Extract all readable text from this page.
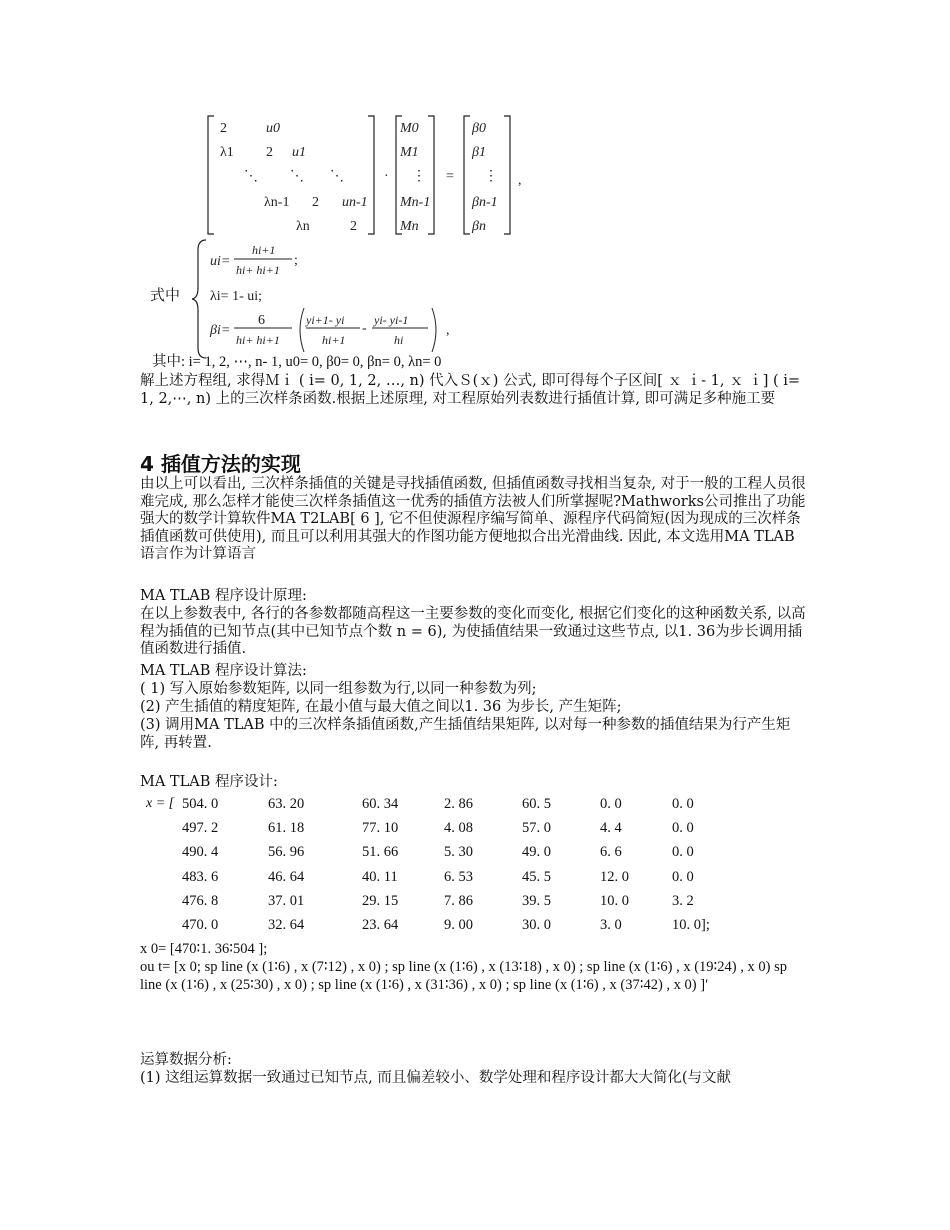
2	u0
λ1 2 u1
⋱ ⋱ ⋱
λn-1 2 un-1
λn	2
·
M0
M1
⋮
Mn-1
Mn
=
β0
β1
⋮
βn-1
βn
,
式中
ui=
hi+1
hi+ hi+1
;
λi= 1- ui;
βi=
6
hi+ hi+1
yi+1- yi
hi+1
-
yi- yi-1
hi
,
其中: i= 1, 2, ⋯, n- 1, u0= 0, β0= 0, βn= 0, λn= 0
解上述方程组, 求得Ｍｉ ( i= 0, 1, 2, …, n) 代入Ｓ(ｘ) 公式, 即可得每个子区间[ ｘ ｉ- 1, ｘ ｉ] ( i= 1, 2,⋯, n) 上的三次样条函数.根据上述原理, 对工程原始列表数进行插值计算, 即可满足多种施工要
4 插值方法的实现
由以上可以看出, 三次样条插值的关键是寻找插值函数, 但插值函数寻找相当复杂, 对于一般的工程人员很难完成, 那么怎样才能使三次样条插值这一优秀的插值方法被人们所掌握呢?Mathworks公司推出了功能强大的数学计算软件MA T2LAB[ 6 ], 它不但使源程序编写简单、源程序代码简短(因为现成的三次样条插值函数可供使用), 而且可以利用其强大的作图功能方便地拟合出光滑曲线. 因此, 本文选用MA TLAB 语言作为计算语言
MA TLAB 程序设计原理:
在以上参数表中, 各行的各参数都随高程这一主要参数的变化而变化, 根据它们变化的这种函数关系, 以高程为插值的已知节点(其中已知节点个数 n = 6), 为使插值结果一致通过这些节点, 以1. 36为步长调用插值函数进行插值.
MA TLAB 程序设计算法:
( 1) 写入原始参数矩阵, 以同一组参数为行,以同一种参数为列;
(2) 产生插值的精度矩阵, 在最小值与最大值之间以1. 36 为步长, 产生矩阵;
(3) 调用MA TLAB 中的三次样条插值函数,产生插值结果矩阵, 以对每一种参数的插值结果为行产生矩阵, 再转置.
MA TLAB 程序设计:
x = [ 504. 0	63. 20	60. 34	2. 86	60. 5	0. 0	0. 0
497. 2	61. 18	77. 10	4. 08	57. 0	4. 4	0. 0
490. 4	56. 96	51. 66	5. 30	49. 0	6. 6	0. 0
483. 6	46. 64	40. 11	6. 53	45. 5	12. 0	0. 0
476. 8	37. 01	29. 15	7. 86	39. 5	10. 0	3. 2
470. 0	32. 64	23. 64	9. 00	30. 0	3. 0	10. 0];
x 0= [470∶1. 36∶504 ];
ou t= [x 0; sp line (x (1∶6) , x (7∶12) , x 0) ; sp line (x (1∶6) , x (13∶18) , x 0) ; sp line (x (1∶6) , x (19∶24) , x 0) sp line (x (1∶6) , x (25∶30) , x 0) ; sp line (x (1∶6) , x (31∶36) , x 0) ; sp line (x (1∶6) , x (37∶42) , x 0) ]′
运算数据分析:
(1) 这组运算数据一致通过已知节点, 而且偏差较小、数学处理和程序设计都大大简化(与文献
